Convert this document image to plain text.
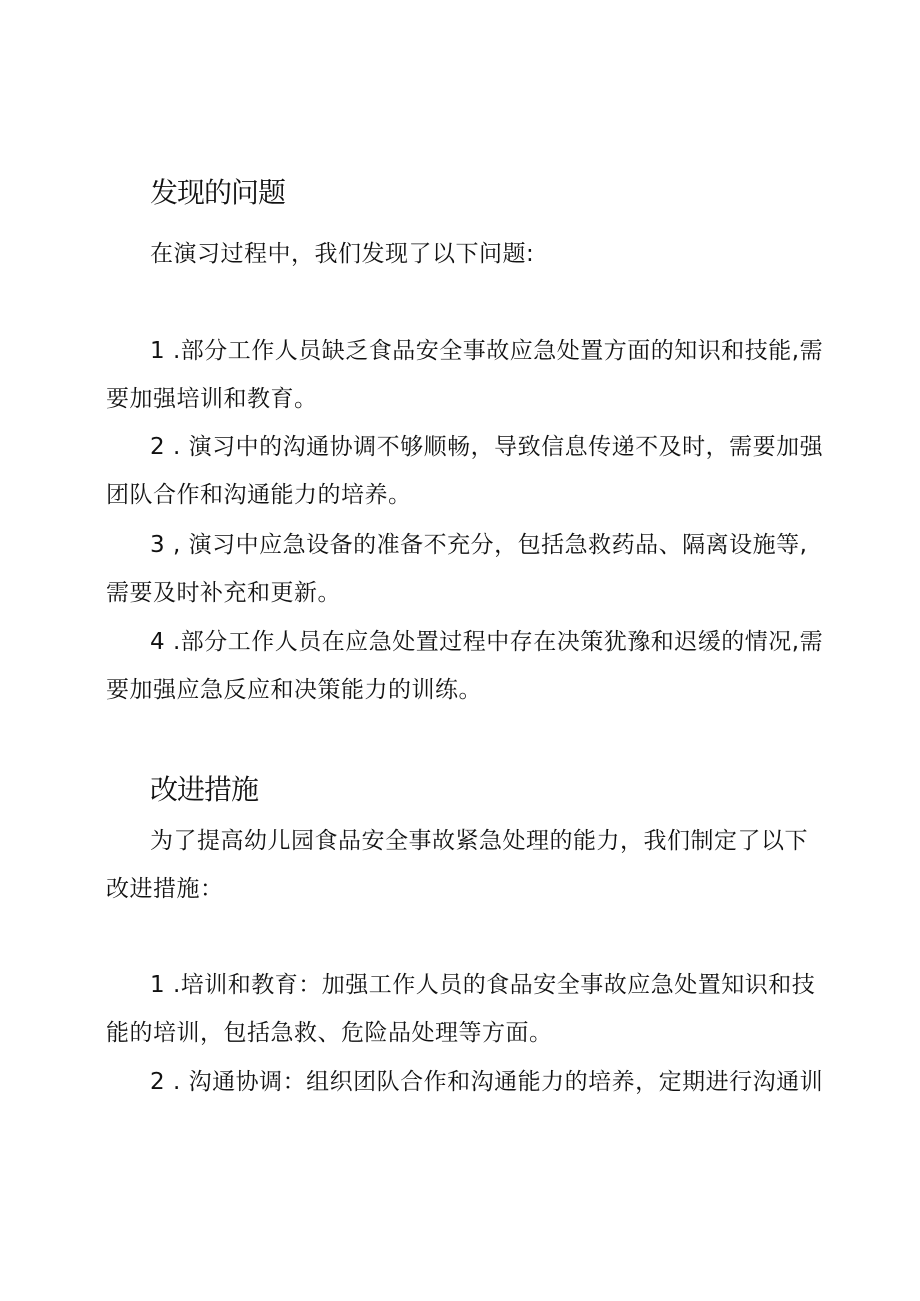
发现的问题

在演习过程中，我们发现了以下问题:

1 .部分工作人员缺乏食品安全事故应急处置方面的知识和技能,需要加强培训和教育。

2 . 演习中的沟通协调不够顺畅，导致信息传递不及时，需要加强团队合作和沟通能力的培养。

3 , 演习中应急设备的准备不充分，包括急救药品、隔离设施等,需要及时补充和更新。

4 .部分工作人员在应急处置过程中存在决策犹豫和迟缓的情况,需要加强应急反应和决策能力的训练。

改进措施

为了提高幼儿园食品安全事故紧急处理的能力，我们制定了以下改进措施：

1 .培训和教育：加强工作人员的食品安全事故应急处置知识和技能的培训，包括急救、危险品处理等方面。

2 . 沟通协调：组织团队合作和沟通能力的培养，定期进行沟通训
